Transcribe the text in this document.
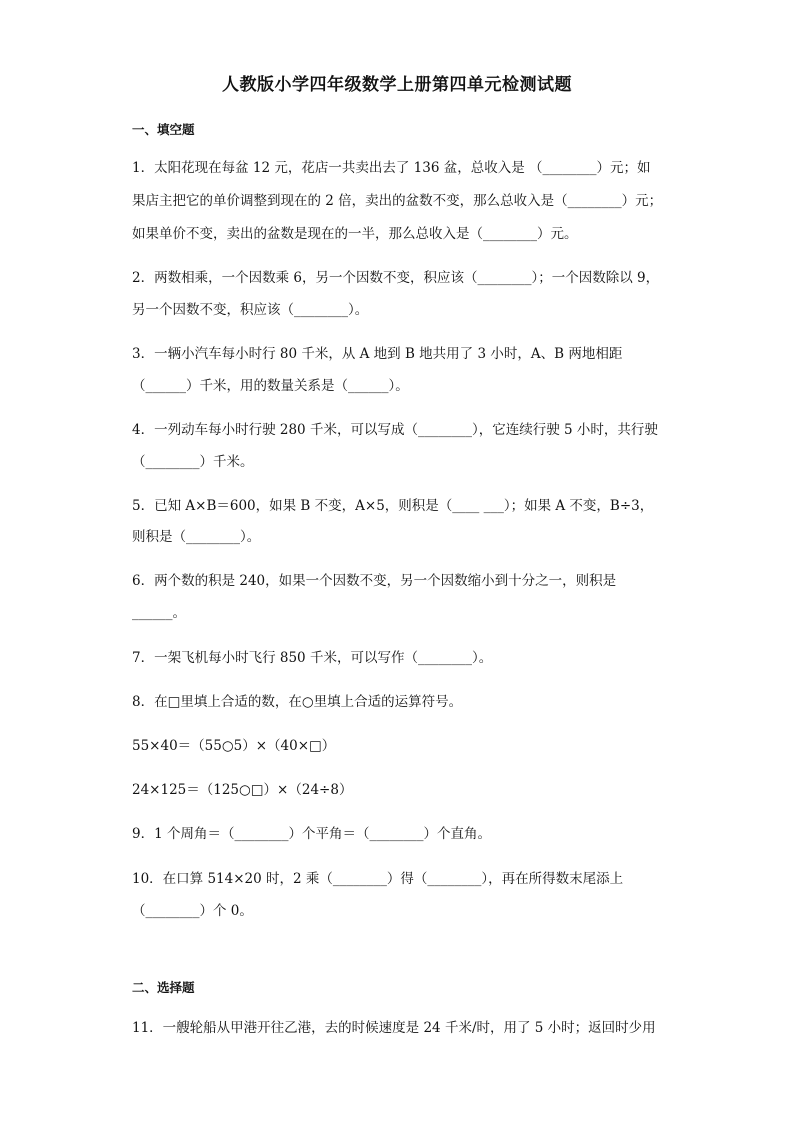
人教版小学四年级数学上册第四单元检测试题
一、填空题
1．太阳花现在每盆 12 元，花店一共卖出去了 136 盆，总收入是 （________）元；如
果店主把它的单价调整到现在的 2 倍，卖出的盆数不变，那么总收入是（________）元；
如果单价不变，卖出的盆数是现在的一半，那么总收入是（________）元。
2．两数相乘，一个因数乘 6，另一个因数不变，积应该（________）；一个因数除以 9，
另一个因数不变，积应该（________）。
3．一辆小汽车每小时行 80 千米，从 A 地到 B 地共用了 3 小时，A、B 两地相距
（______）千米，用的数量关系是（______）。
4．一列动车每小时行驶 280 千米，可以写成（________），它连续行驶 5 小时，共行驶
（________）千米。
5．已知 A×B＝600，如果 B 不变，A×5，则积是（____ ___）；如果 A 不变，B÷3，
则积是（________）。
6．两个数的积是 240，如果一个因数不变，另一个因数缩小到十分之一，则积是
______。
7．一架飞机每小时飞行 850 千米，可以写作（________）。
8．在□里填上合适的数，在○里填上合适的运算符号。
55×40＝（55○5）×（40×□）
24×125＝（125○□）×（24÷8）
9．1 个周角＝（________）个平角＝（________）个直角。
10．在口算 514×20 时，2 乘（________）得（________），再在所得数末尾添上
（________）个 0。
二、选择题
11．一艘轮船从甲港开往乙港，去的时候速度是 24 千米/时，用了 5 小时；返回时少用
